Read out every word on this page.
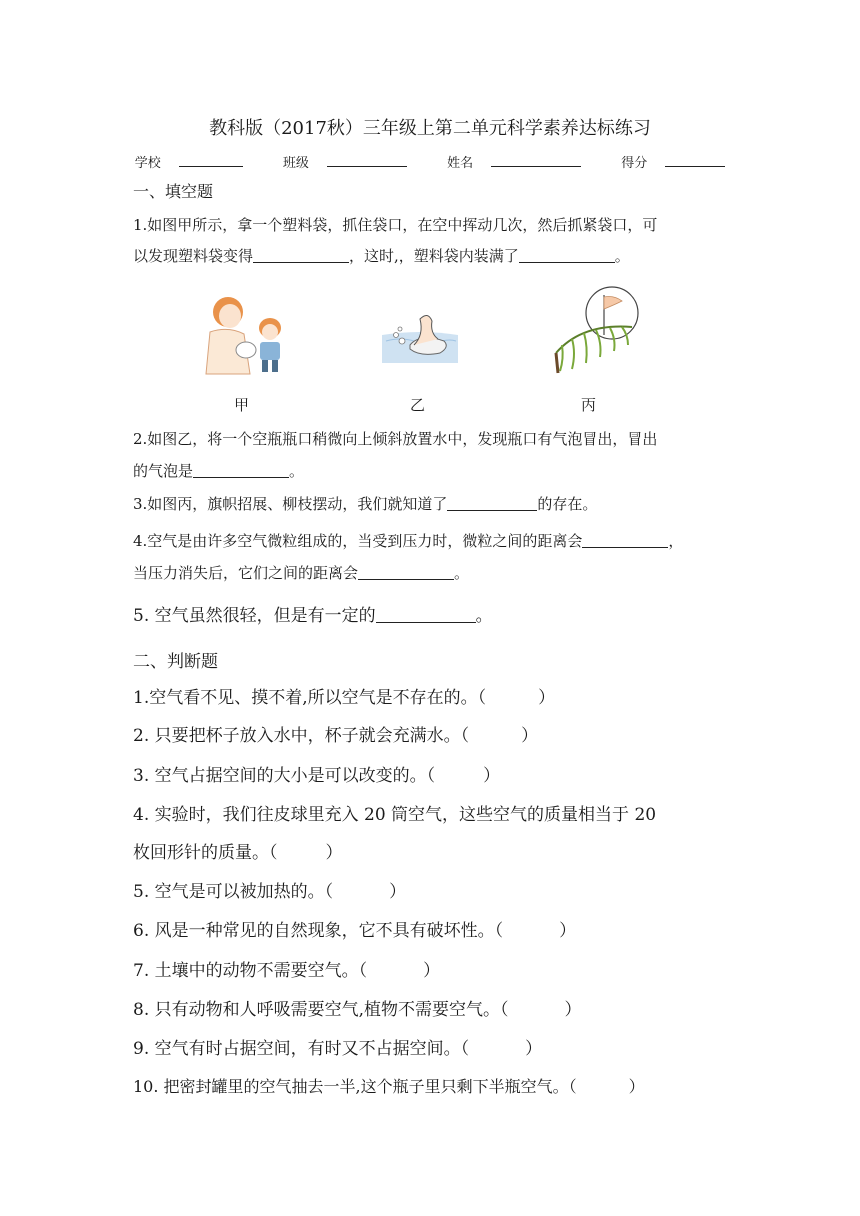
教科版（2017秋）三年级上第二单元科学素养达标练习
学校	班级	姓名	得分
一、填空题
1.如图甲所示，拿一个塑料袋，抓住袋口，在空中挥动几次，然后抓紧袋口，可
以发现塑料袋变得	，这时,，塑料袋内装满了	。
甲	乙	丙
2.如图乙，将一个空瓶瓶口稍微向上倾斜放置水中，发现瓶口有气泡冒出，冒出
的气泡是	。
3.如图丙，旗帜招展、柳枝摆动，我们就知道了	的存在。
4.空气是由许多空气微粒组成的，当受到压力时，微粒之间的距离会	，
当压力消失后，它们之间的距离会	。
5. 空气虽然很轻，但是有一定的	。
二、判断题
1.空气看不见、摸不着,所以空气是不存在的。（	）
2. 只要把杯子放入水中，杯子就会充满水。（	）
3. 空气占据空间的大小是可以改变的。（	）
4. 实验时，我们往皮球里充入 20 筒空气，这些空气的质量相当于 20
枚回形针的质量。（	）
5. 空气是可以被加热的。（	）
6. 风是一种常见的自然现象，它不具有破坏性。（	）
7. 土壤中的动物不需要空气。（	）
8. 只有动物和人呼吸需要空气,植物不需要空气。（	）
9. 空气有时占据空间，有时又不占据空间。（	）
10. 把密封罐里的空气抽去一半,这个瓶子里只剩下半瓶空气。（	）
